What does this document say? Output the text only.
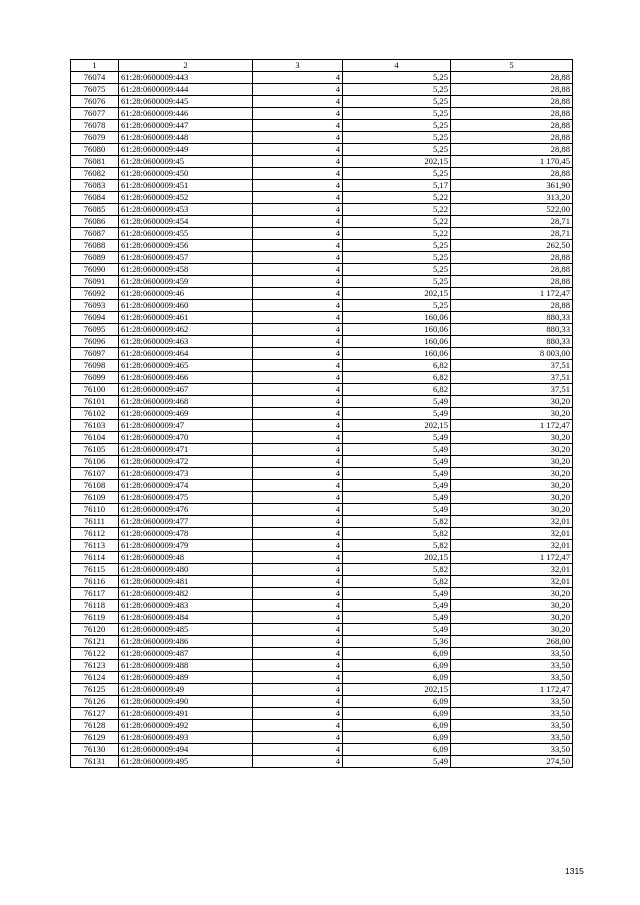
1	2	3	4	5
76074	61:28:0600009:443	4	5,25	28,88
76075	61:28:0600009:444	4	5,25	28,88
76076	61:28:0600009:445	4	5,25	28,88
76077	61:28:0600009:446	4	5,25	28,88
76078	61:28:0600009:447	4	5,25	28,88
76079	61:28:0600009:448	4	5,25	28,88
76080	61:28:0600009:449	4	5,25	28,88
76081	61:28:0600009:45	4	202,15	1 170,45
76082	61:28:0600009:450	4	5,25	28,88
76083	61:28:0600009:451	4	5,17	361,90
76084	61:28:0600009:452	4	5,22	313,20
76085	61:28:0600009:453	4	5,22	522,00
76086	61:28:0600009:454	4	5,22	28,71
76087	61:28:0600009:455	4	5,22	28,71
76088	61:28:0600009:456	4	5,25	262,50
76089	61:28:0600009:457	4	5,25	28,88
76090	61:28:0600009:458	4	5,25	28,88
76091	61:28:0600009:459	4	5,25	28,88
76092	61:28:0600009:46	4	202,15	1 172,47
76093	61:28:0600009:460	4	5,25	28,88
76094	61:28:0600009:461	4	160,06	880,33
76095	61:28:0600009:462	4	160,06	880,33
76096	61:28:0600009:463	4	160,06	880,33
76097	61:28:0600009:464	4	160,06	8 003,00
76098	61:28:0600009:465	4	6,82	37,51
76099	61:28:0600009:466	4	6,82	37,51
76100	61:28:0600009:467	4	6,82	37,51
76101	61:28:0600009:468	4	5,49	30,20
76102	61:28:0600009:469	4	5,49	30,20
76103	61:28:0600009:47	4	202,15	1 172,47
76104	61:28:0600009:470	4	5,49	30,20
76105	61:28:0600009:471	4	5,49	30,20
76106	61:28:0600009:472	4	5,49	30,20
76107	61:28:0600009:473	4	5,49	30,20
76108	61:28:0600009:474	4	5,49	30,20
76109	61:28:0600009:475	4	5,49	30,20
76110	61:28:0600009:476	4	5,49	30,20
76111	61:28:0600009:477	4	5,82	32,01
76112	61:28:0600009:478	4	5,82	32,01
76113	61:28:0600009:479	4	5,82	32,01
76114	61:28:0600009:48	4	202,15	1 172,47
76115	61:28:0600009:480	4	5,82	32,01
76116	61:28:0600009:481	4	5,82	32,01
76117	61:28:0600009:482	4	5,49	30,20
76118	61:28:0600009:483	4	5,49	30,20
76119	61:28:0600009:484	4	5,49	30,20
76120	61:28:0600009:485	4	5,49	30,20
76121	61:28:0600009:486	4	5,36	268,00
76122	61:28:0600009:487	4	6,09	33,50
76123	61:28:0600009:488	4	6,09	33,50
76124	61:28:0600009:489	4	6,09	33,50
76125	61:28:0600009:49	4	202,15	1 172,47
76126	61:28:0600009:490	4	6,09	33,50
76127	61:28:0600009:491	4	6,09	33,50
76128	61:28:0600009:492	4	6,09	33,50
76129	61:28:0600009:493	4	6,09	33,50
76130	61:28:0600009:494	4	6,09	33,50
76131	61:28:0600009:495	4	5,49	274,50
1315
